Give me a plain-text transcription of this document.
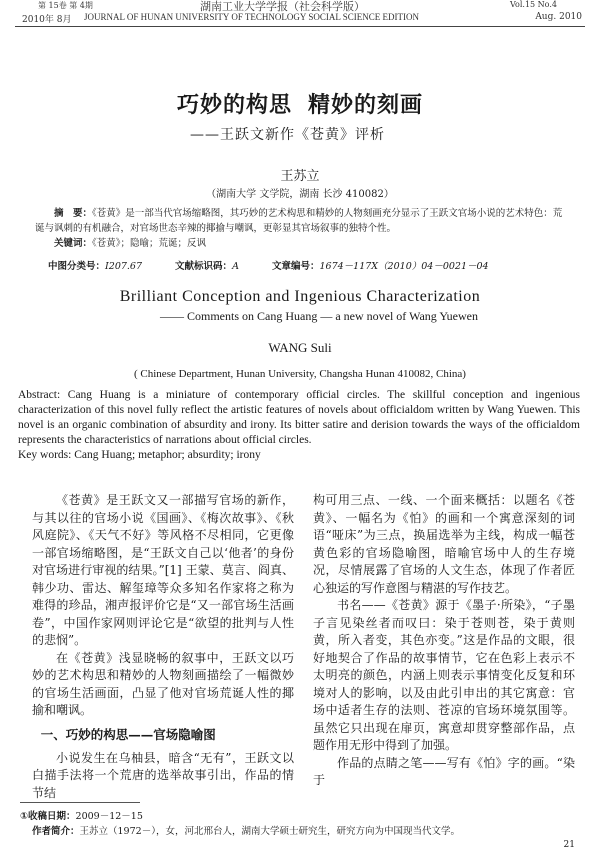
第 15卷 第 4期	湖南工业大学学报（社会科学版）	Vol.15 No.4
2010年 8月 JOURNAL OF HUNAN UNIVERSITY OF TECHNOLOGY SOCIAL SCIENCE EDITION	Aug. 2010
巧妙的构思 精妙的刻画
——王跃文新作《苍黄》评析
王苏立
（湖南大学 文学院，湖南 长沙 410082）
摘　要：《苍黄》是一部当代官场缩略图，其巧妙的艺术构思和精妙的人物刻画充分显示了王跃文官场小说的艺术特色：荒诞与讽刺的有机融合，对官场世态辛辣的揶揄与嘲讽，更彰显其官场叙事的独特个性。
关键词：《苍黄》；隐喻；荒诞；反讽
中图分类号：I207.67	文献标识码：A	文章编号：1674－117X（2010）04－0021－04
Brilliant Conception and Ingenious Characterization
—— Comments on Cang Huang — a new novel of Wang Yuewen
WANG Suli
( Chinese Department, Hunan University, Changsha Hunan 410082, China)
Abstract: Cang Huang is a miniature of contemporary official circles. The skillful conception and ingenious characterization of this novel fully reflect the artistic features of novels about officialdom written by Wang Yuewen. This novel is an organic combination of absurdity and irony. Its bitter satire and derision towards the ways of the officialdom represents the characteristics of narrations about official circles.
Key words: Cang Huang; metaphor; absurdity; irony

《苍黄》是王跃文又一部描写官场的新作，与其以往的官场小说《国画》、《梅次故事》、《秋风庭院》、《天气不好》等风格不尽相同，它更像一部官场缩略图，是“王跃文自己以‘他者’的身份对官场进行审视的结果。”[1] 王蒙、莫言、阎真、韩少功、雷达、解玺璋等众多知名作家将之称为难得的珍品，湘声报评价它是“又一部官场生活画卷”，中国作家网则评论它是“欲望的批判与人性的悲悯”。

在《苍黄》浅显晓畅的叙事中，王跃文以巧妙的艺术构思和精妙的人物刻画描绘了一幅微妙的官场生活画面，凸显了他对官场荒诞人性的揶揄和嘲讽。

一、巧妙的构思——官场隐喻图

小说发生在乌柚县，暗含“无有”，王跃文以白描手法将一个荒唐的选举故事引出，作品的情节结

构可用三点、一线、一个面来概括：以题名《苍黄》、一幅名为《怕》的画和一个寓意深刻的词语“哑床”为三点，换届选举为主线，构成一幅苍黄色彩的官场隐喻图，暗喻官场中人的生存境况，尽情展露了官场的人文生态，体现了作者匠心独运的写作意图与精湛的写作技艺。

书名——《苍黄》源于《墨子·所染》，“子墨子言见染丝者而叹曰：染于苍则苍，染于黄则黄，所入者变，其色亦变。”这是作品的文眼，很好地契合了作品的故事情节，它在色彩上表示不太明亮的颜色，内涵上则表示事情变化反复和环境对人的影响，以及由此引申出的其它寓意：官场中适者生存的法则、苍凉的官场环境氛围等。虽然它只出现在扉页，寓意却贯穿整部作品，点题作用无形中得到了加强。

作品的点睛之笔——写有《怕》字的画。“染于

①收稿日期：2009－12－15
作者简介：王苏立（1972－），女，河北邢台人，湖南大学硕士研究生，研究方向为中国现当代文学。
21
